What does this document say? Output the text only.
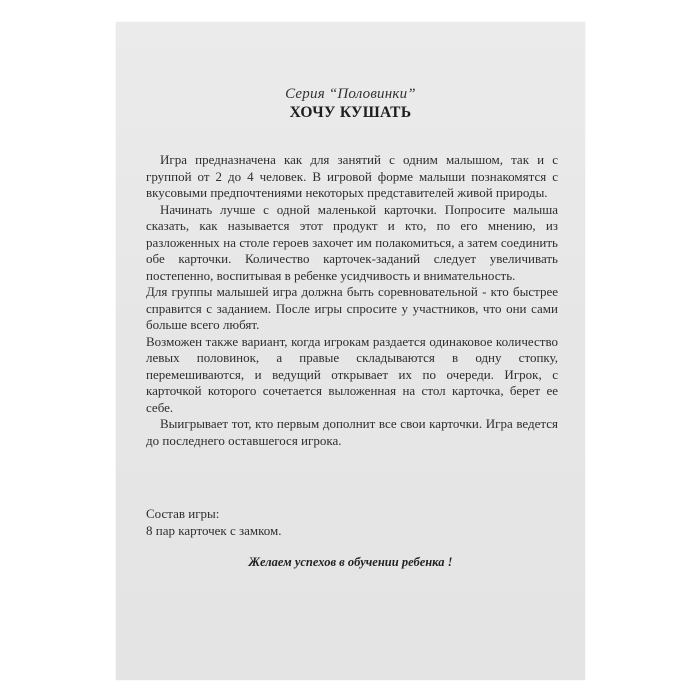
Серия “Половинки”
ХОЧУ КУШАТЬ

Игра предназначена как для занятий с одним малышом, так и с группой от 2 до 4 человек. В игровой форме малыши познакомятся с вкусовыми предпочтениями некоторых представителей живой природы.

Начинать лучше с одной маленькой карточки. Попросите малыша сказать, как называется этот продукт и кто, по его мнению, из разложенных на столе героев захочет им полакомиться, а затем соединить обе карточки. Количество карточек-заданий следует увеличивать постепенно, воспитывая в ребенке усидчивость и внимательность.

Для группы малышей игра должна быть соревновательной - кто быстрее справится с заданием. После игры спросите у участников, что они сами больше всего любят.

Возможен также вариант, когда игрокам раздается одинаковое количество левых половинок, а правые складываются в одну стопку, перемешиваются, и ведущий открывает их по очереди. Игрок, с карточкой которого сочетается выложенная на стол карточка, берет ее себе.

Выигрывает тот, кто первым дополнит все свои карточки. Игра ведется до последнего оставшегося игрока.

Состав игры:
8 пар карточек с замком.
Желаем успехов в обучении ребенка !
